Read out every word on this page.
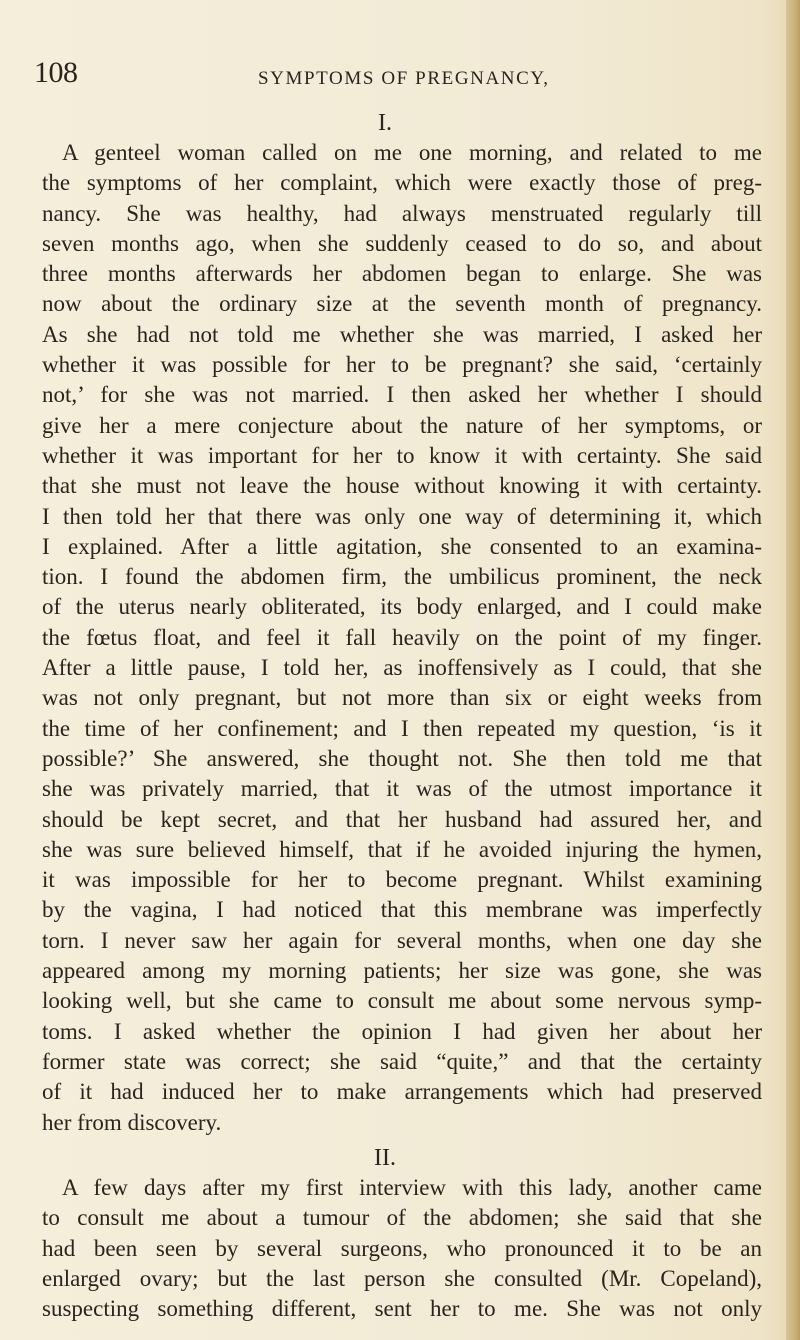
108	SYMPTOMS OF PREGNANCY,
I.
A genteel woman called on me one morning, and related to me
the symptoms of her complaint, which were exactly those of preg-
nancy. She was healthy, had always menstruated regularly till
seven months ago, when she suddenly ceased to do so, and about
three months afterwards her abdomen began to enlarge. She was
now about the ordinary size at the seventh month of pregnancy.
As she had not told me whether she was married, I asked her
whether it was possible for her to be pregnant? she said, ‘certainly
not,’ for she was not married. I then asked her whether I should
give her a mere conjecture about the nature of her symptoms, or
whether it was important for her to know it with certainty. She said
that she must not leave the house without knowing it with certainty.
I then told her that there was only one way of determining it, which
I explained. After a little agitation, she consented to an examina-
tion. I found the abdomen firm, the umbilicus prominent, the neck
of the uterus nearly obliterated, its body enlarged, and I could make
the fœtus float, and feel it fall heavily on the point of my finger.
After a little pause, I told her, as inoffensively as I could, that she
was not only pregnant, but not more than six or eight weeks from
the time of her confinement; and I then repeated my question, ‘is it
possible?’ She answered, she thought not. She then told me that
she was privately married, that it was of the utmost importance it
should be kept secret, and that her husband had assured her, and
she was sure believed himself, that if he avoided injuring the hymen,
it was impossible for her to become pregnant. Whilst examining
by the vagina, I had noticed that this membrane was imperfectly
torn. I never saw her again for several months, when one day she
appeared among my morning patients; her size was gone, she was
looking well, but she came to consult me about some nervous symp-
toms. I asked whether the opinion I had given her about her
former state was correct; she said “quite,” and that the certainty
of it had induced her to make arrangements which had preserved
her from discovery.
II.
A few days after my first interview with this lady, another came
to consult me about a tumour of the abdomen; she said that she
had been seen by several surgeons, who pronounced it to be an
enlarged ovary; but the last person she consulted (Mr. Copeland),
suspecting something different, sent her to me. She was not only
